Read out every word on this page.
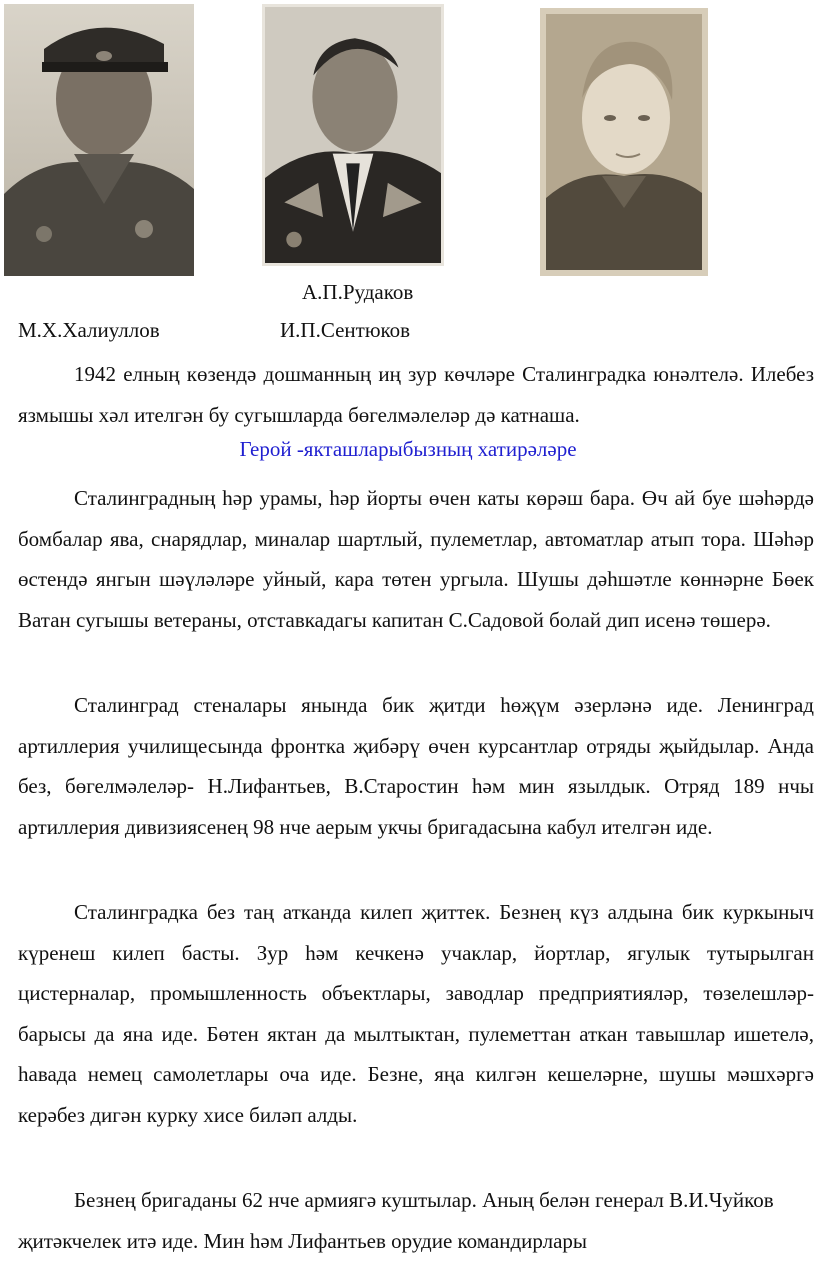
А.П.Рудаков
М.Х.Халиуллов	И.П.Сентюков

1942 елның көзендә дошманның иң зур көчләре Сталинградка юнәлтелә. Илебез язмышы хәл ителгән бу сугышларда бөгелмәлеләр дә катнаша.

Герой -якташларыбызның хатирәләре

Сталинградның һәр урамы, һәр йорты өчен каты көрәш бара. Өч ай буе шәһәрдә бомбалар ява, снарядлар, миналар шартлый, пулеметлар, автоматлар атып тора. Шәһәр өстендә янгын шәүләләре уйный, кара төтен ургыла. Шушы дәһшәтле көннәрне Бөек Ватан сугышы ветераны, отставкадагы капитан С.Садовой болай дип исенә төшерә.

Сталинград стеналары янында бик җитди һөҗүм әзерләнә иде. Ленинград артиллерия училищесында фронтка җибәрү өчен курсантлар отряды җыйдылар. Анда без, бөгелмәлеләр- Н.Лифантьев, В.Старостин һәм мин язылдык. Отряд 189 нчы артиллерия дивизиясенең 98 нче аерым укчы бригадасына кабул ителгән иде.

Сталинградка без таң атканда килеп җиттек. Безнең күз алдына бик куркыныч күренеш килеп басты. Зур һәм кечкенә учаклар, йортлар, ягулык тутырылган цистерналар, промышленность объектлары, заводлар предприятияләр, төзелешләр- барысы да яна иде. Бөтен яктан да мылтыктан, пулеметтан аткан тавышлар ишетелә, һавада немец самолетлары оча иде. Безне, яңа килгән кешеләрне, шушы мәшхәргә керәбез дигән курку хисе биләп алды.

Безнең бригаданы 62 нче армиягә куштылар. Аның белән генерал В.И.Чуйков җитәкчелек итә иде. Мин һәм Лифантьев орудие командирлары
